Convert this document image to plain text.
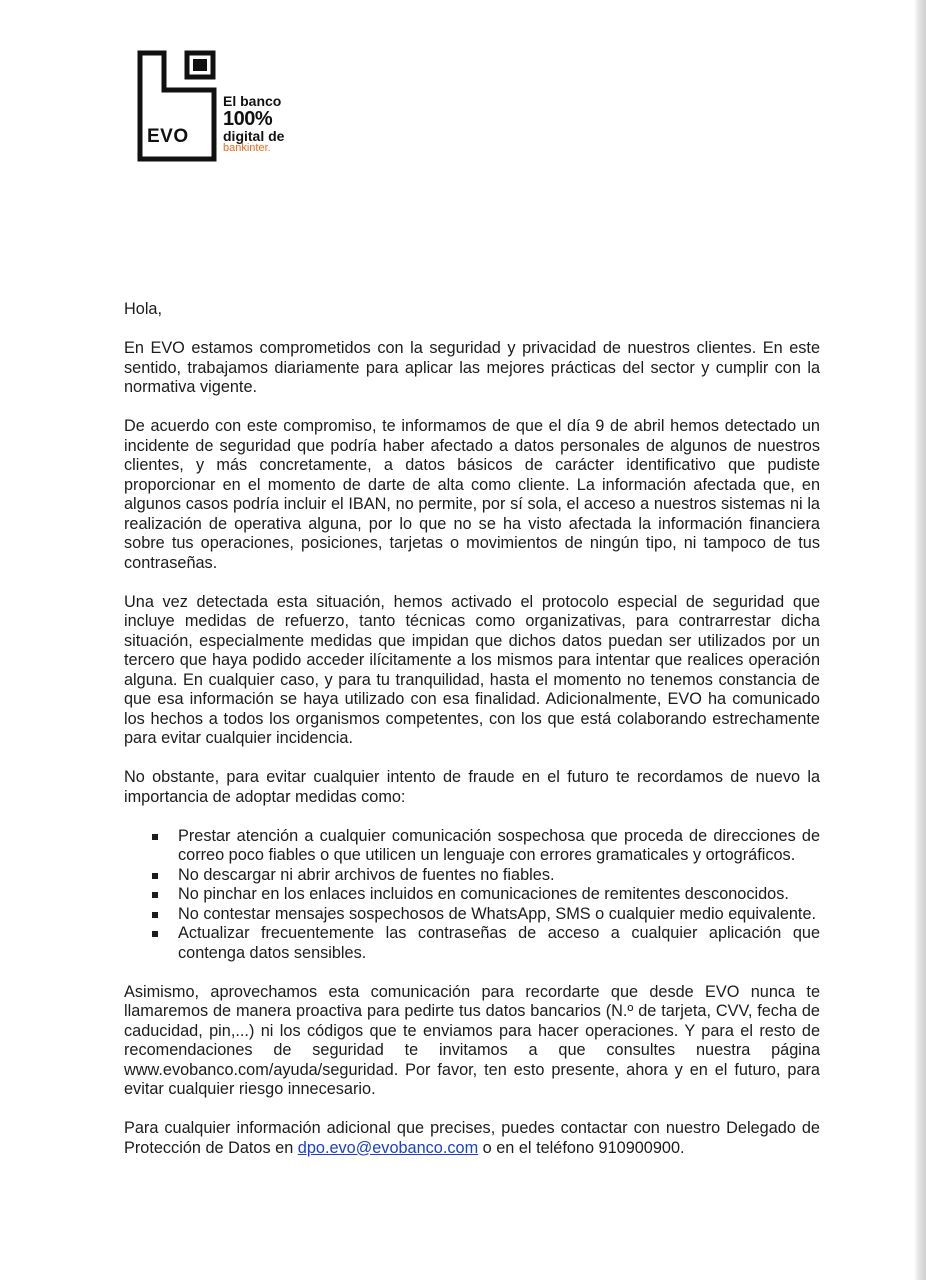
EVO
El banco
100%
digital de
bankinter.

Hola,

En EVO estamos comprometidos con la seguridad y privacidad de nuestros clientes. En este sentido, trabajamos diariamente para aplicar las mejores prácticas del sector y cumplir con la normativa vigente.

De acuerdo con este compromiso, te informamos de que el día 9 de abril hemos detectado un incidente de seguridad que podría haber afectado a datos personales de algunos de nuestros clientes, y más concretamente, a datos básicos de carácter identificativo que pudiste proporcionar en el momento de darte de alta como cliente. La información afectada que, en algunos casos podría incluir el IBAN, no permite, por sí sola, el acceso a nuestros sistemas ni la realización de operativa alguna, por lo que no se ha visto afectada la información financiera sobre tus operaciones, posiciones, tarjetas o movimientos de ningún tipo, ni tampoco de tus contraseñas.

Una vez detectada esta situación, hemos activado el protocolo especial de seguridad que incluye medidas de refuerzo, tanto técnicas como organizativas, para contrarrestar dicha situación, especialmente medidas que impidan que dichos datos puedan ser utilizados por un tercero que haya podido acceder ilícitamente a los mismos para intentar que realices operación alguna. En cualquier caso, y para tu tranquilidad, hasta el momento no tenemos constancia de que esa información se haya utilizado con esa finalidad. Adicionalmente, EVO ha comunicado los hechos a todos los organismos competentes, con los que está colaborando estrechamente para evitar cualquier incidencia.

No obstante, para evitar cualquier intento de fraude en el futuro te recordamos de nuevo la importancia de adoptar medidas como:

Prestar atención a cualquier comunicación sospechosa que proceda de direcciones de correo poco fiables o que utilicen un lenguaje con errores gramaticales y ortográficos.
No descargar ni abrir archivos de fuentes no fiables.
No pinchar en los enlaces incluidos en comunicaciones de remitentes desconocidos.
No contestar mensajes sospechosos de WhatsApp, SMS o cualquier medio equivalente.
Actualizar frecuentemente las contraseñas de acceso a cualquier aplicación que contenga datos sensibles.

Asimismo, aprovechamos esta comunicación para recordarte que desde EVO nunca te llamaremos de manera proactiva para pedirte tus datos bancarios (N.º de tarjeta, CVV, fecha de caducidad, pin,...) ni los códigos que te enviamos para hacer operaciones. Y para el resto de recomendaciones de seguridad te invitamos a que consultes nuestra página www.evobanco.com/ayuda/seguridad. Por favor, ten esto presente, ahora y en el futuro, para evitar cualquier riesgo innecesario.

Para cualquier información adicional que precises, puedes contactar con nuestro Delegado de Protección de Datos en dpo.evo@evobanco.com o en el teléfono 910900900.
